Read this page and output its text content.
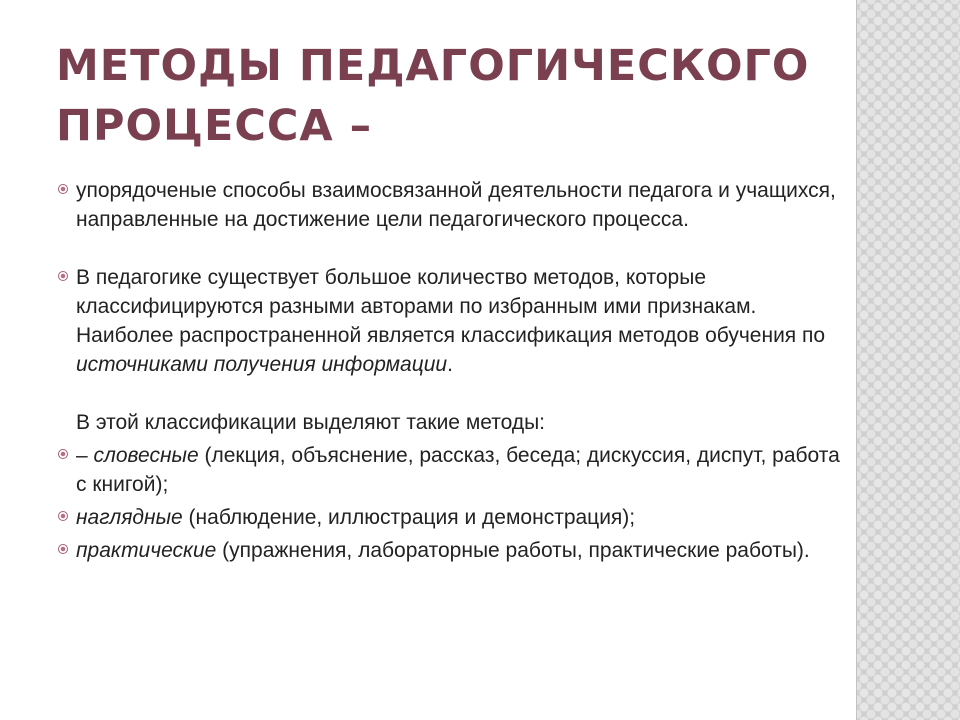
МЕТОДЫ ПЕДАГОГИЧЕСКОГО ПРОЦЕССА –

упорядоченые способы взаимосвязанной деятельности педагога и учащихся, направленные на достижение цели педагогического процесса.

В педагогике существует большое количество методов, которые классифицируются разными авторами по избранным ими признакам. Наиболее распространенной является классификация методов обучения по источниками получения информации.

В этой классификации выделяют такие методы:

– словесные (лекция, объяснение, рассказ, беседа; дискуссия, диспут, работа с книгой);

наглядные (наблюдение, иллюстрация и демонстрация);

практические (упражнения, лабораторные работы, практические работы).
